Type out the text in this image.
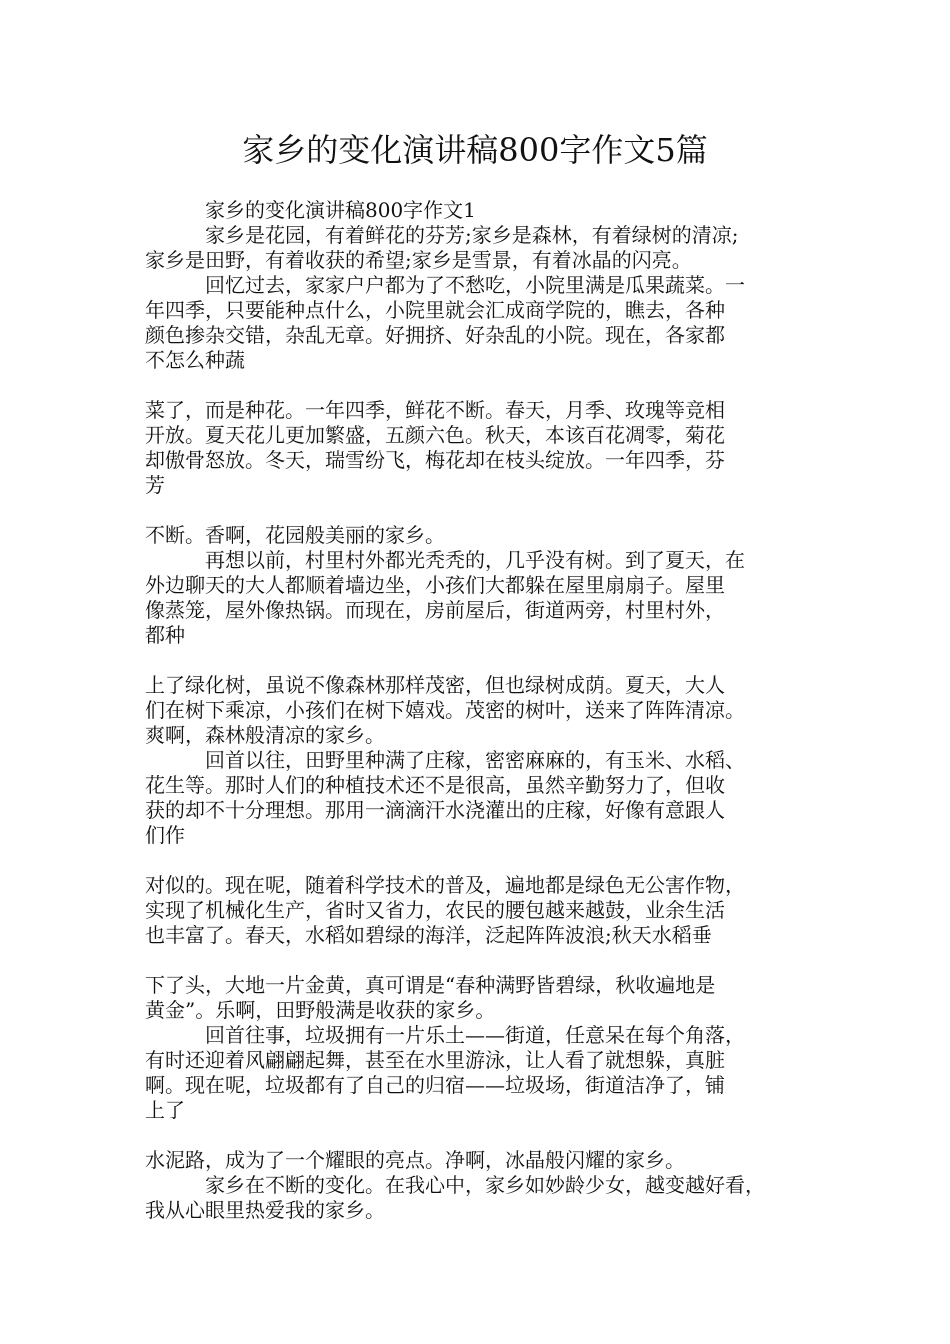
家乡的变化演讲稿800字作文5篇
　　　家乡的变化演讲稿800字作文1
　　　家乡是花园，有着鲜花的芬芳;家乡是森林，有着绿树的清凉;
家乡是田野，有着收获的希望;家乡是雪景，有着冰晶的闪亮。
　　　回忆过去，家家户户都为了不愁吃，小院里满是瓜果蔬菜。一
年四季，只要能种点什么，小院里就会汇成商学院的，瞧去，各种
颜色掺杂交错，杂乱无章。好拥挤、好杂乱的小院。现在，各家都
不怎么种蔬
菜了，而是种花。一年四季，鲜花不断。春天，月季、玫瑰等竞相
开放。夏天花儿更加繁盛，五颜六色。秋天，本该百花凋零，菊花
却傲骨怒放。冬天，瑞雪纷飞，梅花却在枝头绽放。一年四季，芬
芳
不断。香啊，花园般美丽的家乡。
　　　再想以前，村里村外都光秃秃的，几乎没有树。到了夏天，在
外边聊天的大人都顺着墙边坐，小孩们大都躲在屋里扇扇子。屋里
像蒸笼，屋外像热锅。而现在，房前屋后，街道两旁，村里村外，
都种
上了绿化树，虽说不像森林那样茂密，但也绿树成荫。夏天，大人
们在树下乘凉，小孩们在树下嬉戏。茂密的树叶，送来了阵阵清凉。
爽啊，森林般清凉的家乡。
　　　回首以往，田野里种满了庄稼，密密麻麻的，有玉米、水稻、
花生等。那时人们的种植技术还不是很高，虽然辛勤努力了，但收
获的却不十分理想。那用一滴滴汗水浇灌出的庄稼，好像有意跟人
们作
对似的。现在呢，随着科学技术的普及，遍地都是绿色无公害作物，
实现了机械化生产，省时又省力，农民的腰包越来越鼓，业余生活
也丰富了。春天，水稻如碧绿的海洋，泛起阵阵波浪;秋天水稻垂
下了头，大地一片金黄，真可谓是“春种满野皆碧绿，秋收遍地是
黄金”。乐啊，田野般满是收获的家乡。
　　　回首往事，垃圾拥有一片乐土——街道，任意呆在每个角落，
有时还迎着风翩翩起舞，甚至在水里游泳，让人看了就想躲，真脏
啊。现在呢，垃圾都有了自己的归宿——垃圾场，街道洁净了，铺
上了
水泥路，成为了一个耀眼的亮点。净啊，冰晶般闪耀的家乡。
　　　家乡在不断的变化。在我心中，家乡如妙龄少女，越变越好看，
我从心眼里热爱我的家乡。
